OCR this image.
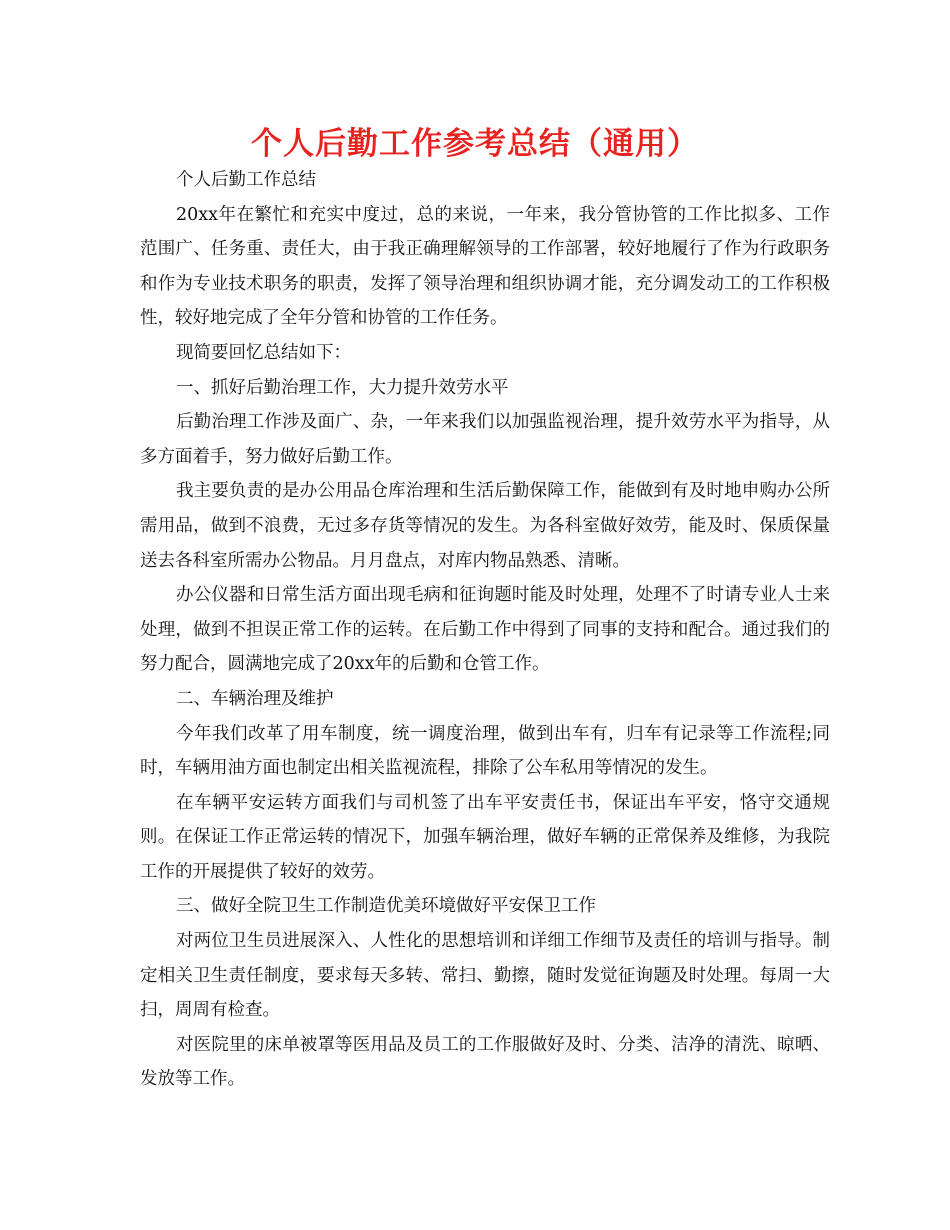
个人后勤工作参考总结（通用）

个人后勤工作总结

20xx年在繁忙和充实中度过，总的来说，一年来，我分管协管的工作比拟多、工作范围广、任务重、责任大，由于我正确理解领导的工作部署，较好地履行了作为行政职务和作为专业技术职务的职责，发挥了领导治理和组织协调才能，充分调发动工的工作积极性，较好地完成了全年分管和协管的工作任务。

现简要回忆总结如下：

一、抓好后勤治理工作，大力提升效劳水平

后勤治理工作涉及面广、杂，一年来我们以加强监视治理，提升效劳水平为指导，从多方面着手，努力做好后勤工作。

我主要负责的是办公用品仓库治理和生活后勤保障工作，能做到有及时地申购办公所需用品，做到不浪费，无过多存货等情况的发生。为各科室做好效劳，能及时、保质保量送去各科室所需办公物品。月月盘点，对库内物品熟悉、清晰。

办公仪器和日常生活方面出现毛病和征询题时能及时处理，处理不了时请专业人士来处理，做到不担误正常工作的运转。在后勤工作中得到了同事的支持和配合。通过我们的努力配合，圆满地完成了20xx年的后勤和仓管工作。

二、车辆治理及维护

今年我们改革了用车制度，统一调度治理，做到出车有，归车有记录等工作流程;同时，车辆用油方面也制定出相关监视流程，排除了公车私用等情况的发生。

在车辆平安运转方面我们与司机签了出车平安责任书，保证出车平安，恪守交通规则。在保证工作正常运转的情况下，加强车辆治理，做好车辆的正常保养及维修，为我院工作的开展提供了较好的效劳。

三、做好全院卫生工作制造优美环境做好平安保卫工作

对两位卫生员进展深入、人性化的思想培训和详细工作细节及责任的培训与指导。制定相关卫生责任制度，要求每天多转、常扫、勤擦，随时发觉征询题及时处理。每周一大扫，周周有检查。

对医院里的床单被罩等医用品及员工的工作服做好及时、分类、洁净的清洗、晾晒、发放等工作。
